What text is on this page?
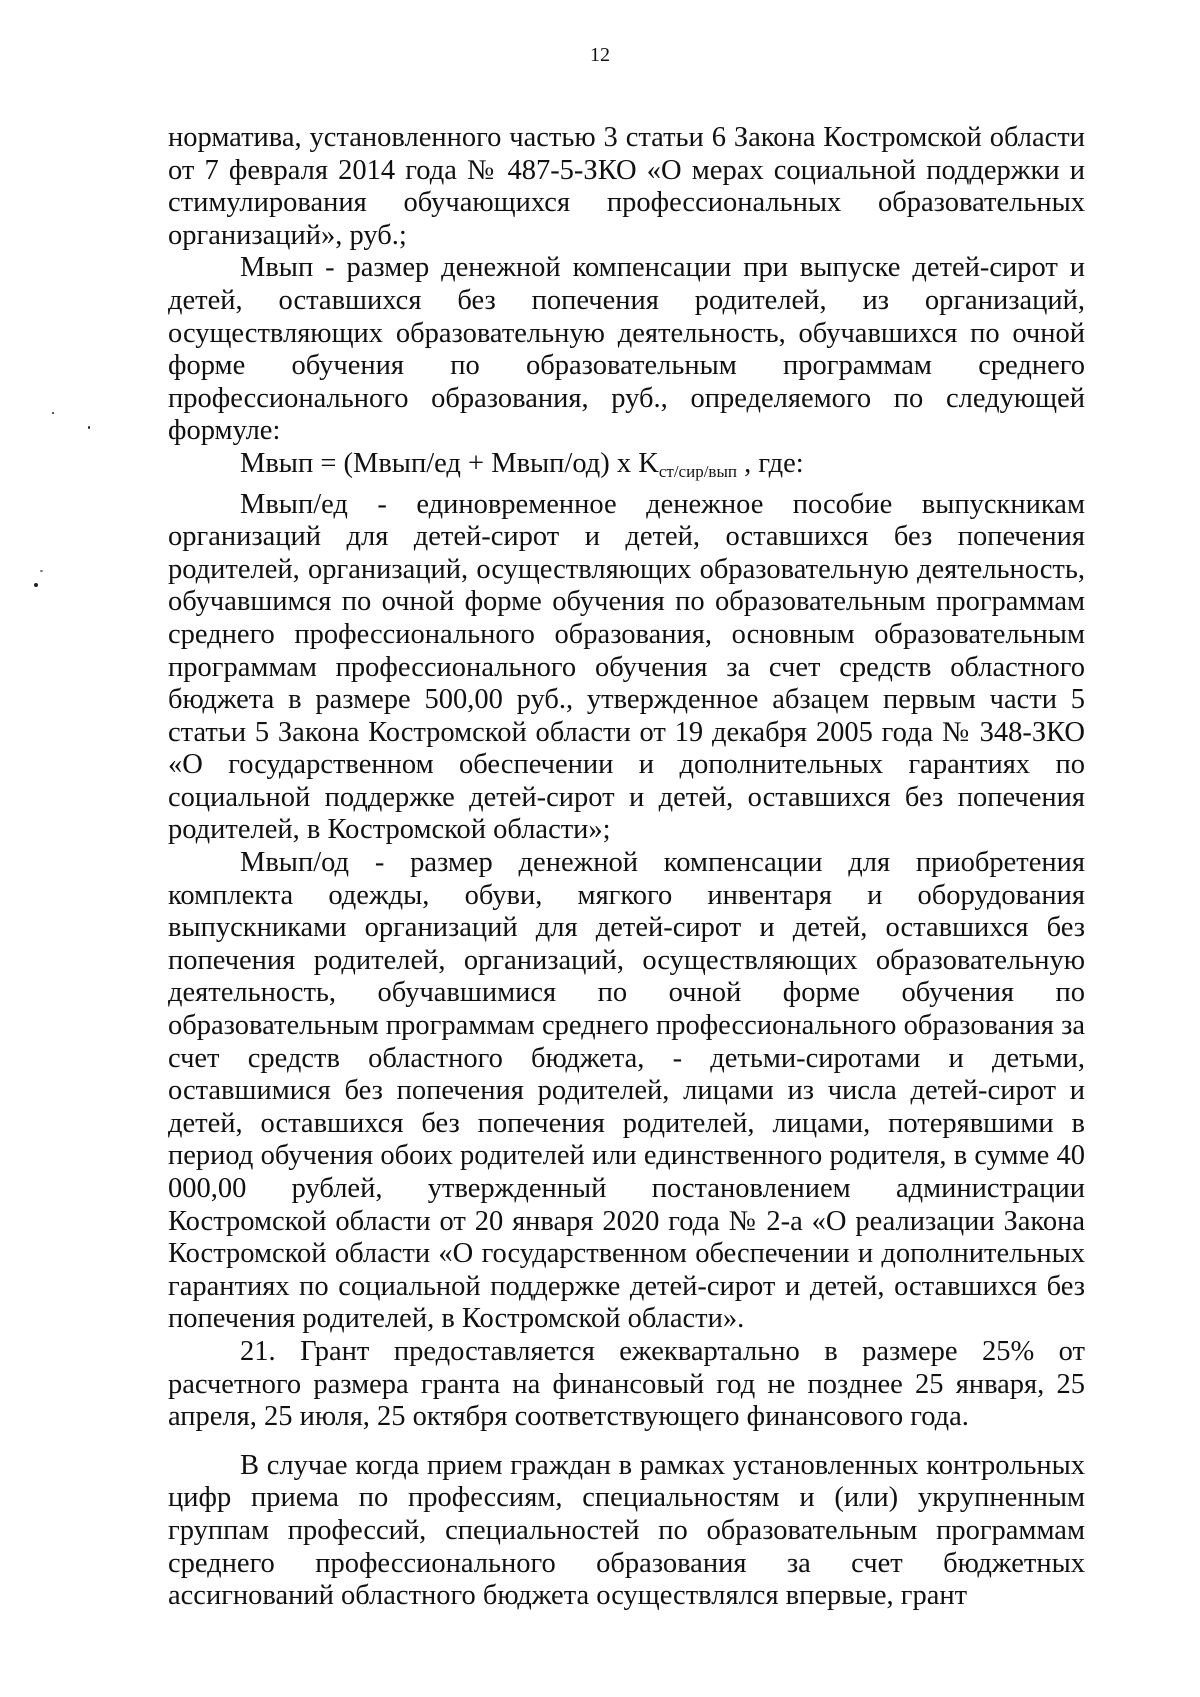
12

норматива, установленного частью 3 статьи 6 Закона Костромской области от 7 февраля 2014 года № 487-5-ЗКО «О мерах социальной поддержки и стимулирования обучающихся профессиональных образовательных организаций», руб.;

Мвып - размер денежной компенсации при выпуске детей-сирот и детей, оставшихся без попечения родителей, из организаций, осуществляющих образовательную деятельность, обучавшихся по очной форме обучения по образовательным программам среднего профессионального образования, руб., определяемого по следующей формуле:

Мвып = (Мвып/ед + Мвып/од) х $K_{ст/сир/вып}$ , где:

Мвып/ед - единовременное денежное пособие выпускникам организаций для детей-сирот и детей, оставшихся без попечения родителей, организаций, осуществляющих образовательную деятельность, обучавшимся по очной форме обучения по образовательным программам среднего профессионального образования, основным образовательным программам профессионального обучения за счет средств областного бюджета в размере 500,00 руб., утвержденное абзацем первым части 5 статьи 5 Закона Костромской области от 19 декабря 2005 года № 348-ЗКО «О государственном обеспечении и дополнительных гарантиях по социальной поддержке детей-сирот и детей, оставшихся без попечения родителей, в Костромской области»;

Мвып/од - размер денежной компенсации для приобретения комплекта одежды, обуви, мягкого инвентаря и оборудования выпускниками организаций для детей-сирот и детей, оставшихся без попечения родителей, организаций, осуществляющих образовательную деятельность, обучавшимися по очной форме обучения по образовательным программам среднего профессионального образования за счет средств областного бюджета, - детьми-сиротами и детьми, оставшимися без попечения родителей, лицами из числа детей-сирот и детей, оставшихся без попечения родителей, лицами, потерявшими в период обучения обоих родителей или единственного родителя, в сумме 40 000,00 рублей, утвержденный постановлением администрации Костромской области от 20 января 2020 года № 2-а «О реализации Закона Костромской области «О государственном обеспечении и дополнительных гарантиях по социальной поддержке детей-сирот и детей, оставшихся без попечения родителей, в Костромской области».

21. Грант предоставляется ежеквартально в размере 25% от расчетного размера гранта на финансовый год не позднее 25 января, 25 апреля, 25 июля, 25 октября соответствующего финансового года.

В случае когда прием граждан в рамках установленных контрольных цифр приема по профессиям, специальностям и (или) укрупненным группам профессий, специальностей по образовательным программам среднего профессионального образования за счет бюджетных ассигнований областного бюджета осуществлялся впервые, грант
